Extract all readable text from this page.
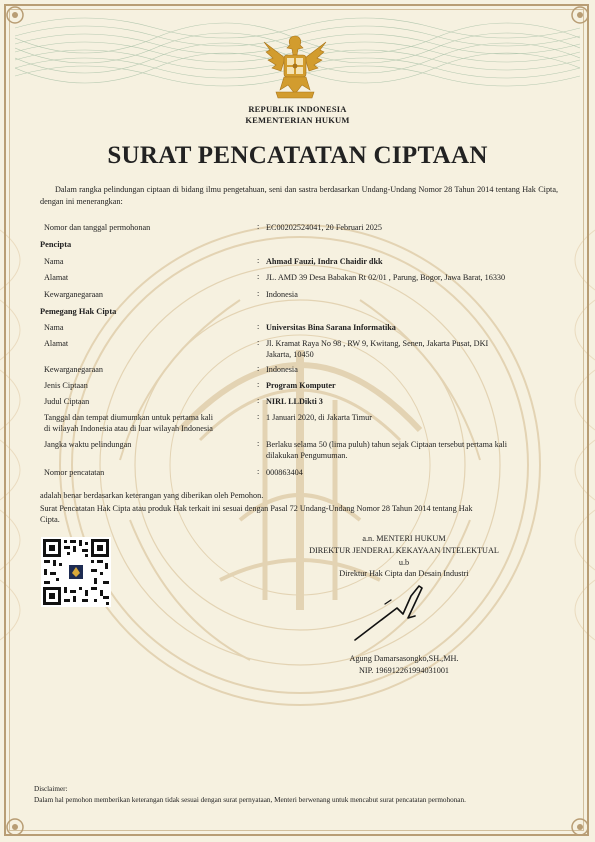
REPUBLIK INDONESIA
KEMENTERIAN HUKUM
SURAT PENCATATAN CIPTAAN
Dalam rangka pelindungan ciptaan di bidang ilmu pengetahuan, seni dan sastra berdasarkan Undang-Undang Nomor 28 Tahun 2014 tentang Hak Cipta, dengan ini menerangkan:
Nomor dan tanggal permohonan	: EC00202524041, 20 Februari 2025
Pencipta
Nama	: Ahmad Fauzi, Indra Chaidir dkk
Alamat	: JL. AMD 39 Desa Babakan Rt 02/01 , Parung, Bogor, Jawa Barat, 16330
Kewarganegaraan	: Indonesia
Pemegang Hak Cipta
Nama	: Universitas Bina Sarana Informatika
Alamat	: Jl. Kramat Raya No 98 , RW 9, Kwitang, Senen, Jakarta Pusat, DKI
Jakarta, 10450
Kewarganegaraan	: Indonesia
Jenis Ciptaan	: Program Komputer
Judul Ciptaan	: NIRL LLDikti 3
Tanggal dan tempat diumumkan untuk pertama kali
di wilayah Indonesia atau di luar wilayah Indonesia
: 1 Januari 2020, di Jakarta Timur
Jangka waktu pelindungan	: Berlaku selama 50 (lima puluh) tahun sejak Ciptaan tersebut pertama kali
dilakukan Pengumuman.
Nomor pencatatan	: 000863404
adalah benar berdasarkan keterangan yang diberikan oleh Pemohon.
Surat Pencatatan Hak Cipta atau produk Hak terkait ini sesuai dengan Pasal 72 Undang-Undang Nomor 28 Tahun 2014 tentang Hak
Cipta.
a.n. MENTERI HUKUM
DIREKTUR JENDERAL KEKAYAAN INTELEKTUAL
u.b
Direktur Hak Cipta dan Desain Industri
Agung Damarsasongko,SH.,MH.
NIP. 196912261994031001
Disclaimer:
Dalam hal pemohon memberikan keterangan tidak sesuai dengan surat pernyataan, Menteri berwenang untuk mencabut surat pencatatan permohonan.
